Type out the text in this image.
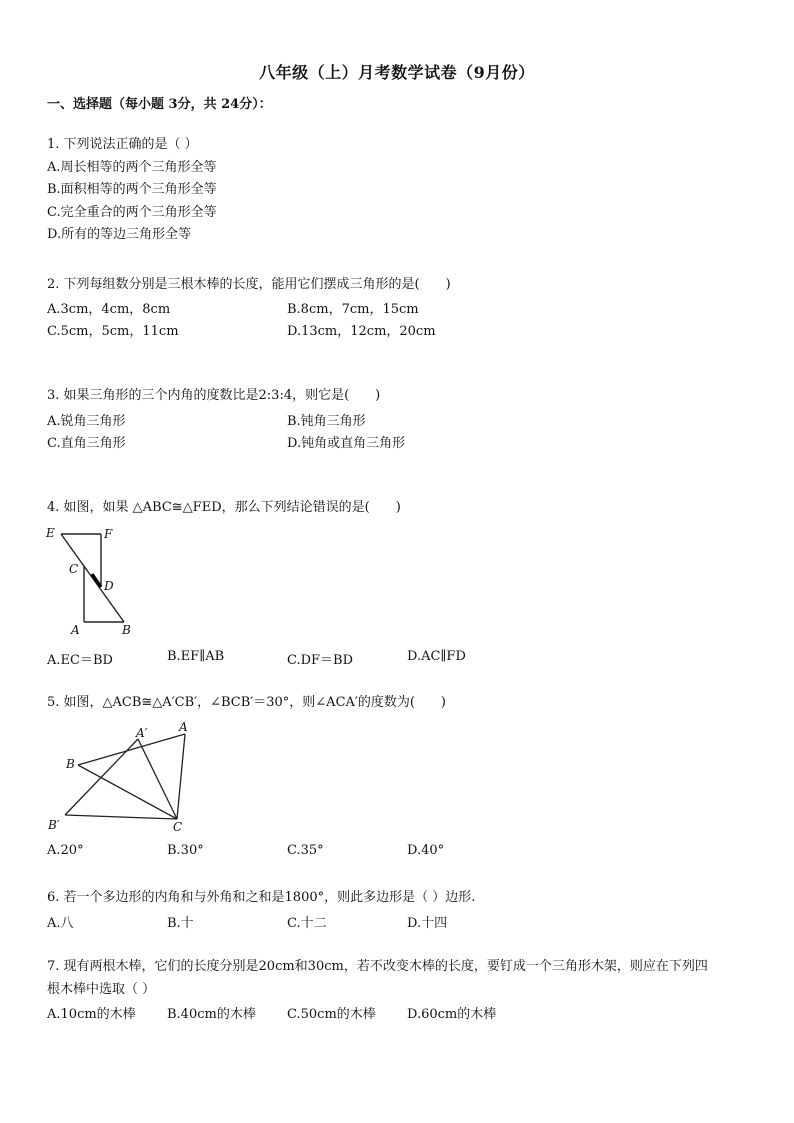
八年级（上）月考数学试卷（9月份）
一、选择题（每小题 3分，共 24分）：
1. 下列说法正确的是（ ）
A.周长相等的两个三角形全等
B.面积相等的两个三角形全等
C.完全重合的两个三角形全等
D.所有的等边三角形全等
2. 下列每组数分别是三根木棒的长度，能用它们摆成三角形的是(　　)
A.3cm，4cm，8cm	B.8cm，7cm，15cm
C.5cm，5cm，11cm	D.13cm，12cm，20cm
3. 如果三角形的三个内角的度数比是2:3:4，则它是(　　)
A.锐角三角形	B.钝角三角形
C.直角三角形	D.钝角或直角三角形
4. 如图，如果 △ABC≅△FED，那么下列结论错误的是(　　)
E	F
C
D
A	B
A.EC＝BD	B.EF∥AB	C.DF＝BD	D.AC∥FD
5. 如图，△ACB≅△A′CB′，∠BCB′＝30°，则∠ACA′的度数为(　　)
A′	A
B
B′	C
A.20°	B.30°	C.35°	D.40°
6. 若一个多边形的内角和与外角和之和是1800°，则此多边形是（ ）边形.
A.八	B.十	C.十二	D.十四
7. 现有两根木棒，它们的长度分别是20cm和30cm，若不改变木棒的长度，要钉成一个三角形木架，则应在下列四
根木棒中选取（ ）
A.10cm的木棒 B.40cm的木棒 C.50cm的木棒 D.60cm的木棒
